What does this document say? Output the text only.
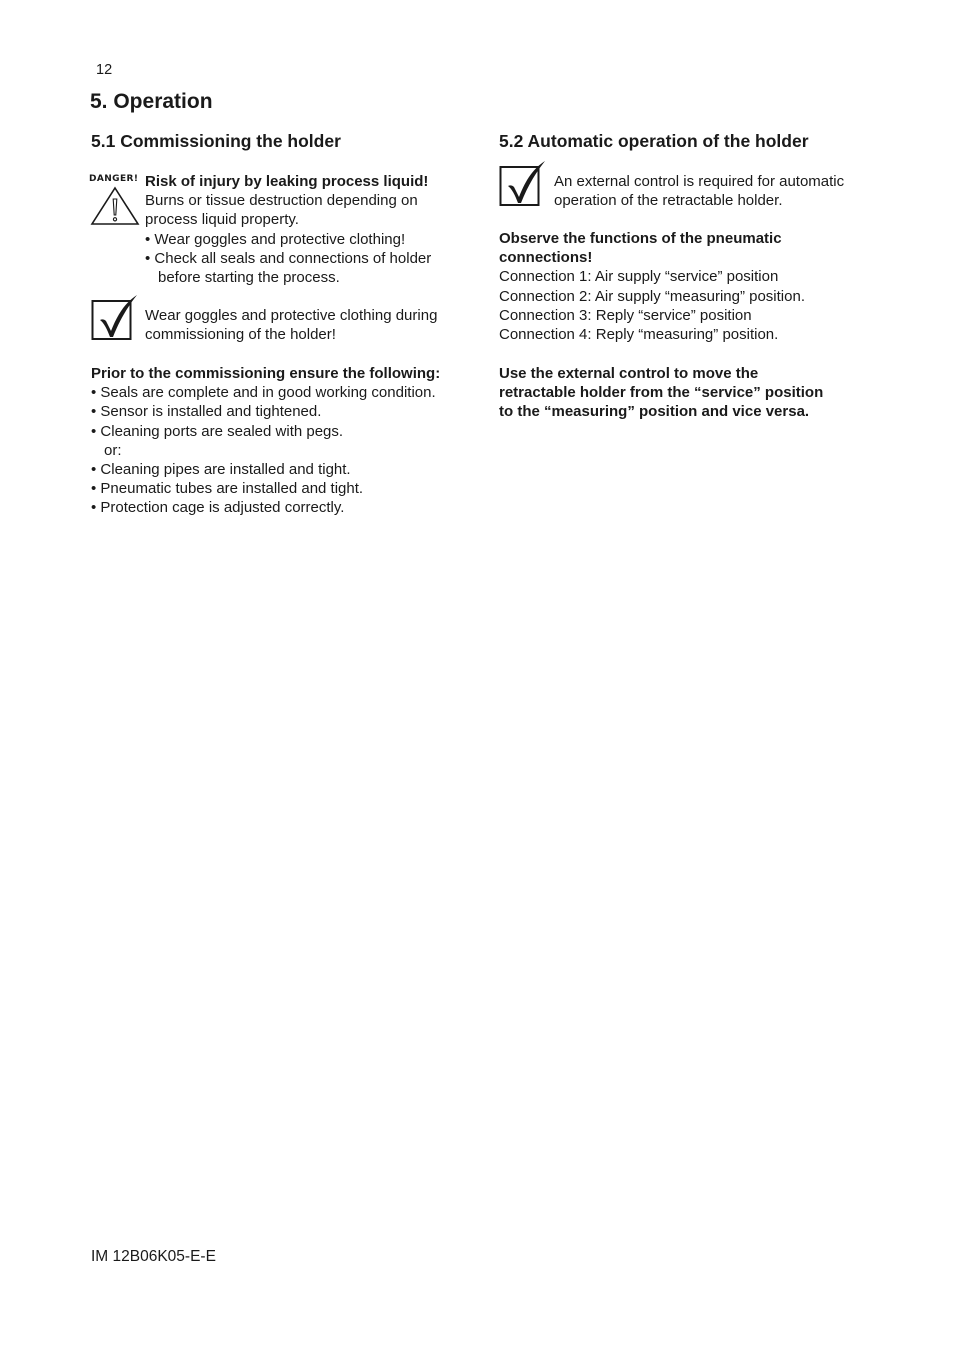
12
5. Operation
5.1 Commissioning the holder
DANGER! Risk of injury by leaking process liquid!
Burns or tissue destruction depending on
process liquid property.
• Wear goggles and protective clothing!
• Check all seals and connections of holder
before starting the process.
Wear goggles and protective clothing during
commissioning of the holder!
Prior to the commissioning ensure the following:
• Seals are complete and in good working condition.
• Sensor is installed and tightened.
• Cleaning ports are sealed with pegs.
or:
• Cleaning pipes are installed and tight.
• Pneumatic tubes are installed and tight.
• Protection cage is adjusted correctly.
5.2 Automatic operation of the holder
An external control is required for automatic
operation of the retractable holder.
Observe the functions of the pneumatic
connections!
Connection 1: Air supply “service” position
Connection 2: Air supply “measuring” position.
Connection 3: Reply “service” position
Connection 4: Reply “measuring” position.
Use the external control to move the
retractable holder from the “service” position
to the “measuring” position and vice versa.
IM 12B06K05-E-E
